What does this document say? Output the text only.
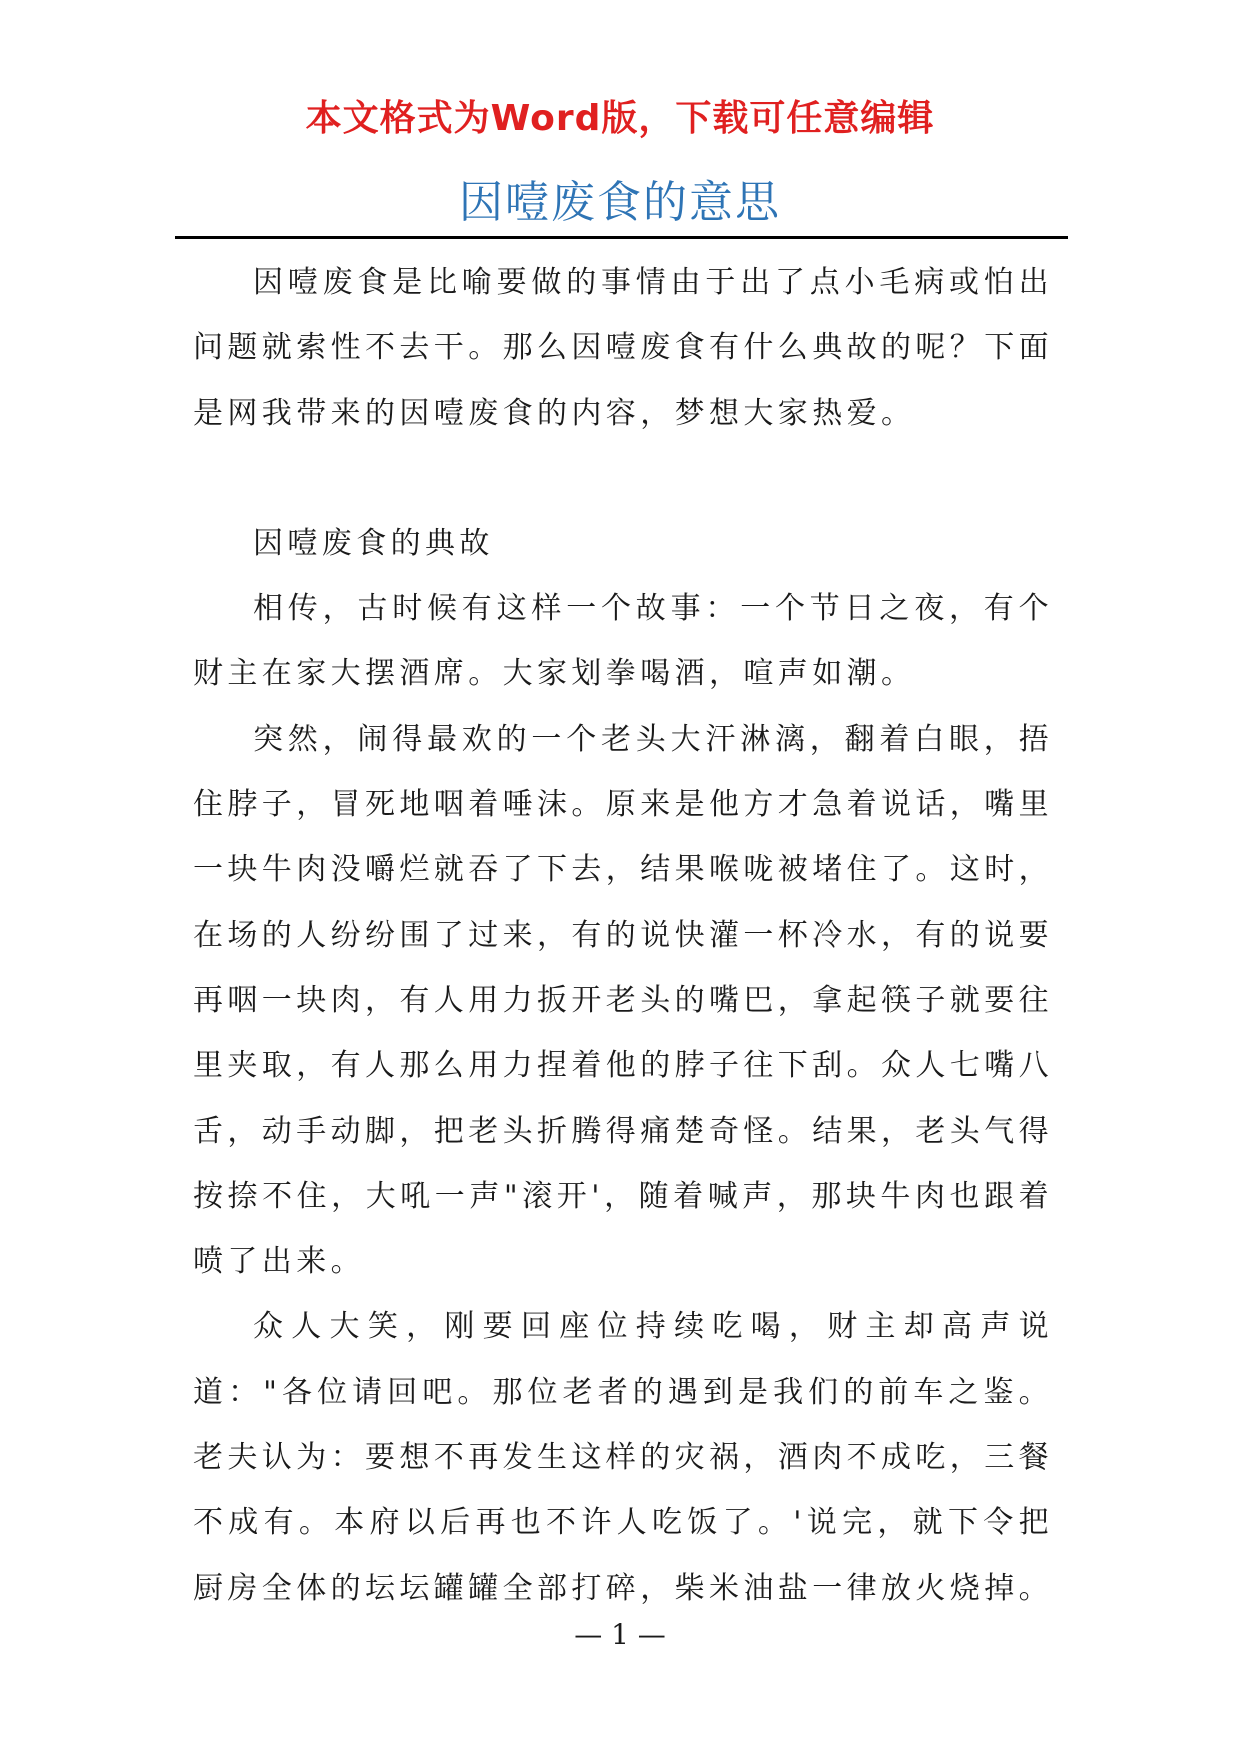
本文格式为Word版，下载可任意编辑
因噎废食的意思

因噎废食是比喻要做的事情由于出了点小毛病或怕出问题就索性不去干。那么因噎废食有什么典故的呢？下面是网我带来的因噎废食的内容，梦想大家热爱。

因噎废食的典故

相传，古时候有这样一个故事：一个节日之夜，有个财主在家大摆酒席。大家划拳喝酒，喧声如潮。

突然，闹得最欢的一个老头大汗淋漓，翻着白眼，捂住脖子，冒死地咽着唾沫。原来是他方才急着说话，嘴里一块牛肉没嚼烂就吞了下去，结果喉咙被堵住了。这时，在场的人纷纷围了过来，有的说快灌一杯冷水，有的说要再咽一块肉，有人用力扳开老头的嘴巴，拿起筷子就要往里夹取，有人那么用力捏着他的脖子往下刮。众人七嘴八舌，动手动脚，把老头折腾得痛楚奇怪。结果，老头气得按捺不住，大吼一声"滚开'，随着喊声，那块牛肉也跟着喷了出来。

众人大笑，刚要回座位持续吃喝，财主却高声说道："各位请回吧。那位老者的遇到是我们的前车之鉴。老夫认为：要想不再发生这样的灾祸，酒肉不成吃，三餐不成有。本府以后再也不许人吃饭了。'说完，就下令把厨房全体的坛坛罐罐全部打碎，柴米油盐一律放火烧掉。

— 1 —
